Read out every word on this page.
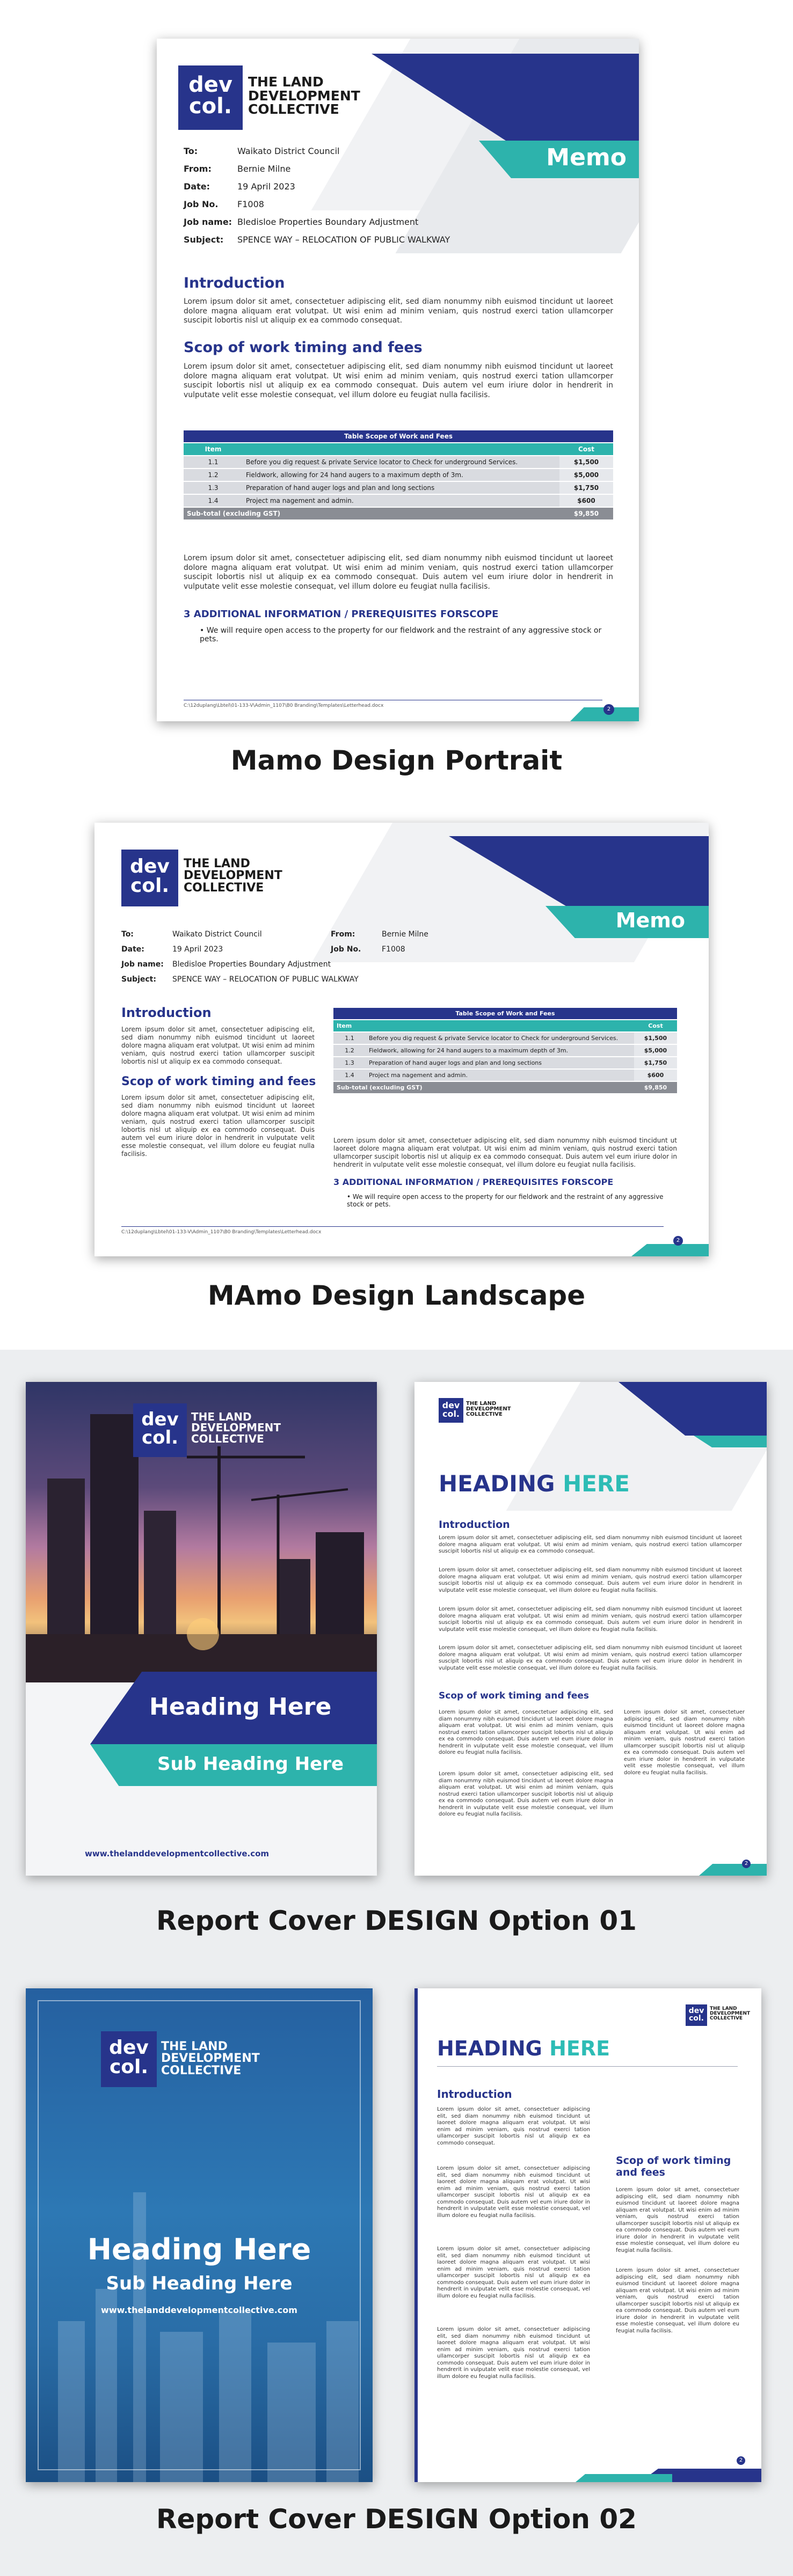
Memo
dev
col.
THE LAND
DEVELOPMENT
COLLECTIVE
To:	Waikato District Council
From:	Bernie Milne
Date:	19 April 2023
Job No. F1008
Job name: Bledisloe Properties Boundary Adjustment
Subject: SPENCE WAY – RELOCATION OF PUBLIC WALKWAY
Introduction
Lorem ipsum dolor sit amet, consectetuer adipiscing elit, sed diam nonummy nibh euismod tincidunt ut laoreet dolore magna aliquam erat volutpat. Ut wisi enim ad minim veniam, quis nostrud exerci tation ullamcorper suscipit lobortis nisl ut aliquip ex ea commodo consequat.
Scop of work timing and fees
Lorem ipsum dolor sit amet, consectetuer adipiscing elit, sed diam nonummy nibh euismod tincidunt ut laoreet dolore magna aliquam erat volutpat. Ut wisi enim ad minim veniam, quis nostrud exerci tation ullamcorper suscipit lobortis nisl ut aliquip ex ea commodo consequat. Duis autem vel eum iriure dolor in hendrerit in vulputate velit esse molestie consequat, vel illum dolore eu feugiat nulla facilisis.
Table Scope of Work and Fees		
Item		Cost
1.1	Before you dig request & private Service locator to Check for underground Services.	$1,500
1.2	Fieldwork, allowing for 24 hand augers to a maximum depth of 3m.	$5,000
1.3	Preparation of hand auger logs and plan and long sections	$1,750
1.4	Project ma nagement and admin.	$600
Sub-total (excluding GST)		$9,850
Lorem ipsum dolor sit amet, consectetuer adipiscing elit, sed diam nonummy nibh euismod tincidunt ut laoreet dolore magna aliquam erat volutpat. Ut wisi enim ad minim veniam, quis nostrud exerci tation ullamcorper suscipit lobortis nisl ut aliquip ex ea commodo consequat. Duis autem vel eum iriure dolor in hendrerit in vulputate velit esse molestie consequat, vel illum dolore eu feugiat nulla facilisis.
3 ADDITIONAL INFORMATION / PREREQUISITES FORSCOPE
• We will require open access to the property for our fieldwork and the restraint of any aggressive stock or pets.
C:\12duplang\Lbtel\01-133-V\Admin_1107\B0 Branding\Templates\Letterhead.docx
2
Mamo Design Portrait
Memo
dev
col.
THE LAND
DEVELOPMENT
COLLECTIVE
To:	Waikato District Council	From:	Bernie Milne
Date:	19 April 2023	Job No.	F1008
Job name: Bledisloe Properties Boundary Adjustment
Subject: SPENCE WAY – RELOCATION OF PUBLIC WALKWAY
Introduction
Lorem ipsum dolor sit amet, consectetuer adipiscing elit, sed diam nonummy nibh euismod tincidunt ut laoreet dolore magna aliquam erat volutpat. Ut wisi enim ad minim veniam, quis nostrud exerci tation ullamcorper suscipit lobortis nisl ut aliquip ex ea commodo consequat.
Scop of work timing and fees
Lorem ipsum dolor sit amet, consectetuer adipiscing elit, sed diam nonummy nibh euismod tincidunt ut laoreet dolore magna aliquam erat volutpat. Ut wisi enim ad minim veniam, quis nostrud exerci tation ullamcorper suscipit lobortis nisl ut aliquip ex ea commodo consequat. Duis autem vel eum iriure dolor in hendrerit in vulputate velit esse molestie consequat, vel illum dolore eu feugiat nulla facilisis.
Table Scope of Work and Fees		
Item		Cost
1.1	Before you dig request & private Service locator to Check for underground Services.	$1,500
1.2	Fieldwork, allowing for 24 hand augers to a maximum depth of 3m.	$5,000
1.3	Preparation of hand auger logs and plan and long sections	$1,750
1.4	Project ma nagement and admin.	$600
Sub-total (excluding GST)		$9,850
Lorem ipsum dolor sit amet, consectetuer adipiscing elit, sed diam nonummy nibh euismod tincidunt ut laoreet dolore magna aliquam erat volutpat. Ut wisi enim ad minim veniam, quis nostrud exerci tation ullamcorper suscipit lobortis nisl ut aliquip ex ea commodo consequat. Duis autem vel eum iriure dolor in hendrerit in vulputate velit esse molestie consequat, vel illum dolore eu feugiat nulla facilisis.
3 ADDITIONAL INFORMATION / PREREQUISITES FORSCOPE
• We will require open access to the property for our fieldwork and the restraint of any aggressive stock or pets.
C:\12duplang\Lbtel\01-133-V\Admin_1107\B0 Branding\Templates\Letterhead.docx
2
MAmo Design Landscape
dev
col.
THE LAND
DEVELOPMENT
COLLECTIVE
Heading Here
Sub Heading Here
www.thelanddevelopmentcollective.com
dev
col.
THE LAND
DEVELOPMENT
COLLECTIVE
HEADING HERE
Introduction
Lorem ipsum dolor sit amet, consectetuer adipiscing elit, sed diam nonummy nibh euismod tincidunt ut laoreet dolore magna aliquam erat volutpat. Ut wisi enim ad minim veniam, quis nostrud exerci tation ullamcorper suscipit lobortis nisl ut aliquip ex ea commodo consequat.
Lorem ipsum dolor sit amet, consectetuer adipiscing elit, sed diam nonummy nibh euismod tincidunt ut laoreet dolore magna aliquam erat volutpat. Ut wisi enim ad minim veniam, quis nostrud exerci tation ullamcorper suscipit lobortis nisl ut aliquip ex ea commodo consequat. Duis autem vel eum iriure dolor in hendrerit in vulputate velit esse molestie consequat, vel illum dolore eu feugiat nulla facilisis.
Lorem ipsum dolor sit amet, consectetuer adipiscing elit, sed diam nonummy nibh euismod tincidunt ut laoreet dolore magna aliquam erat volutpat. Ut wisi enim ad minim veniam, quis nostrud exerci tation ullamcorper suscipit lobortis nisl ut aliquip ex ea commodo consequat. Duis autem vel eum iriure dolor in hendrerit in vulputate velit esse molestie consequat, vel illum dolore eu feugiat nulla facilisis.
Lorem ipsum dolor sit amet, consectetuer adipiscing elit, sed diam nonummy nibh euismod tincidunt ut laoreet dolore magna aliquam erat volutpat. Ut wisi enim ad minim veniam, quis nostrud exerci tation ullamcorper suscipit lobortis nisl ut aliquip ex ea commodo consequat. Duis autem vel eum iriure dolor in hendrerit in vulputate velit esse molestie consequat, vel illum dolore eu feugiat nulla facilisis.
Scop of work timing and fees
Lorem ipsum dolor sit amet, consectetuer adipiscing elit, sed diam nonummy nibh euismod tincidunt ut laoreet dolore magna aliquam erat volutpat. Ut wisi enim ad minim veniam, quis nostrud exerci tation ullamcorper suscipit lobortis nisl ut aliquip ex ea commodo consequat. Duis autem vel eum iriure dolor in hendrerit in vulputate velit esse molestie consequat, vel illum dolore eu feugiat nulla facilisis.
Lorem ipsum dolor sit amet, consectetuer adipiscing elit, sed diam nonummy nibh euismod tincidunt ut laoreet dolore magna aliquam erat volutpat. Ut wisi enim ad minim veniam, quis nostrud exerci tation ullamcorper suscipit lobortis nisl ut aliquip ex ea commodo consequat. Duis autem vel eum iriure dolor in hendrerit in vulputate velit esse molestie consequat, vel illum dolore eu feugiat nulla facilisis.
Lorem ipsum dolor sit amet, consectetuer adipiscing elit, sed diam nonummy nibh euismod tincidunt ut laoreet dolore magna aliquam erat volutpat. Ut wisi enim ad minim veniam, quis nostrud exerci tation ullamcorper suscipit lobortis nisl ut aliquip ex ea commodo consequat. Duis autem vel eum iriure dolor in hendrerit in vulputate velit esse molestie consequat, vel illum dolore eu feugiat nulla facilisis.
2
Report Cover DESIGN Option 01
dev
col.
THE LAND
DEVELOPMENT
COLLECTIVE
Heading Here
Sub Heading Here
www.thelanddevelopmentcollective.com
dev
col.
THE LAND
DEVELOPMENT
COLLECTIVE
HEADING HERE
Introduction
Lorem ipsum dolor sit amet, consectetuer adipiscing elit, sed diam nonummy nibh euismod tincidunt ut laoreet dolore magna aliquam erat volutpat. Ut wisi enim ad minim veniam, quis nostrud exerci tation ullamcorper suscipit lobortis nisl ut aliquip ex ea commodo consequat.
Lorem ipsum dolor sit amet, consectetuer adipiscing elit, sed diam nonummy nibh euismod tincidunt ut laoreet dolore magna aliquam erat volutpat. Ut wisi enim ad minim veniam, quis nostrud exerci tation ullamcorper suscipit lobortis nisl ut aliquip ex ea commodo consequat. Duis autem vel eum iriure dolor in hendrerit in vulputate velit esse molestie consequat, vel illum dolore eu feugiat nulla facilisis.
Lorem ipsum dolor sit amet, consectetuer adipiscing elit, sed diam nonummy nibh euismod tincidunt ut laoreet dolore magna aliquam erat volutpat. Ut wisi enim ad minim veniam, quis nostrud exerci tation ullamcorper suscipit lobortis nisl ut aliquip ex ea commodo consequat. Duis autem vel eum iriure dolor in hendrerit in vulputate velit esse molestie consequat, vel illum dolore eu feugiat nulla facilisis.
Lorem ipsum dolor sit amet, consectetuer adipiscing elit, sed diam nonummy nibh euismod tincidunt ut laoreet dolore magna aliquam erat volutpat. Ut wisi enim ad minim veniam, quis nostrud exerci tation ullamcorper suscipit lobortis nisl ut aliquip ex ea commodo consequat. Duis autem vel eum iriure dolor in hendrerit in vulputate velit esse molestie consequat, vel illum dolore eu feugiat nulla facilisis.
Scop of work timing and fees
Lorem ipsum dolor sit amet, consectetuer adipiscing elit, sed diam nonummy nibh euismod tincidunt ut laoreet dolore magna aliquam erat volutpat. Ut wisi enim ad minim veniam, quis nostrud exerci tation ullamcorper suscipit lobortis nisl ut aliquip ex ea commodo consequat. Duis autem vel eum iriure dolor in hendrerit in vulputate velit esse molestie consequat, vel illum dolore eu feugiat nulla facilisis.
Lorem ipsum dolor sit amet, consectetuer adipiscing elit, sed diam nonummy nibh euismod tincidunt ut laoreet dolore magna aliquam erat volutpat. Ut wisi enim ad minim veniam, quis nostrud exerci tation ullamcorper suscipit lobortis nisl ut aliquip ex ea commodo consequat. Duis autem vel eum iriure dolor in hendrerit in vulputate velit esse molestie consequat, vel illum dolore eu feugiat nulla facilisis.
2
Report Cover DESIGN Option 02
